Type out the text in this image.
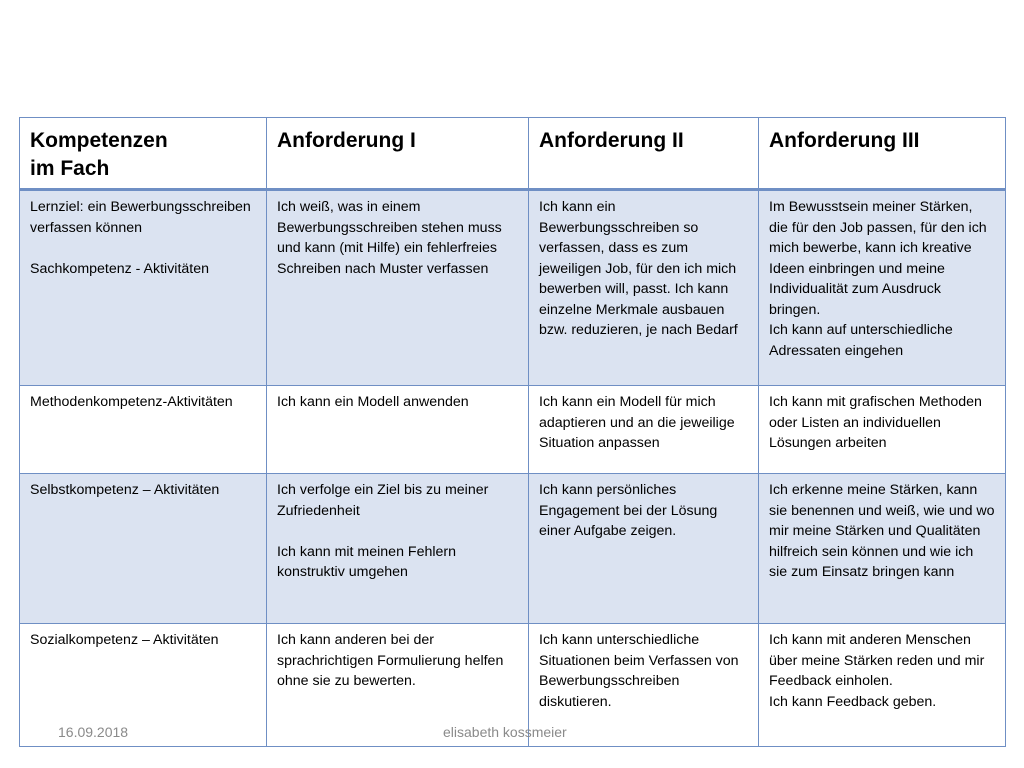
Kompetenzen
im Fach	Anforderung I	Anforderung II	Anforderung III

Lernziel: ein Bewerbungsschreiben verfassen können
Sachkompetenz - Aktivitäten	Ich weiß, was in einem Bewerbungsschreiben stehen muss und kann (mit Hilfe) ein fehlerfreies Schreiben nach Muster verfassen	Ich kann ein Bewerbungsschreiben so verfassen, dass es zum jeweiligen Job, für den ich mich bewerben will, passt. Ich kann einzelne Merkmale ausbauen bzw. reduzieren, je nach Bedarf	Im Bewusstsein meiner Stärken, die für den Job passen, für den ich mich bewerbe, kann ich kreative Ideen einbringen und meine Individualität zum Ausdruck bringen.
Ich kann auf unterschiedliche Adressaten eingehen

Methodenkompetenz-Aktivitäten	Ich kann ein Modell anwenden	Ich kann ein Modell für mich adaptieren und an die jeweilige Situation anpassen	Ich kann mit grafischen Methoden oder Listen an individuellen Lösungen arbeiten

Selbstkompetenz – Aktivitäten	Ich verfolge ein Ziel bis zu meiner Zufriedenheit
Ich kann mit meinen Fehlern konstruktiv umgehen	Ich kann persönliches Engagement bei der Lösung einer Aufgabe zeigen.	Ich erkenne meine Stärken, kann sie benennen und weiß, wie und wo mir meine Stärken und Qualitäten hilfreich sein können und wie ich sie zum Einsatz bringen kann

Sozialkompetenz – Aktivitäten	Ich kann anderen bei der sprachrichtigen Formulierung helfen ohne sie zu bewerten.	Ich kann unterschiedliche Situationen beim Verfassen von Bewerbungsschreiben diskutieren.	Ich kann mit anderen Menschen über meine Stärken reden und mir Feedback einholen.
Ich kann Feedback geben.
16.09.2018	elisabeth kossmeier
